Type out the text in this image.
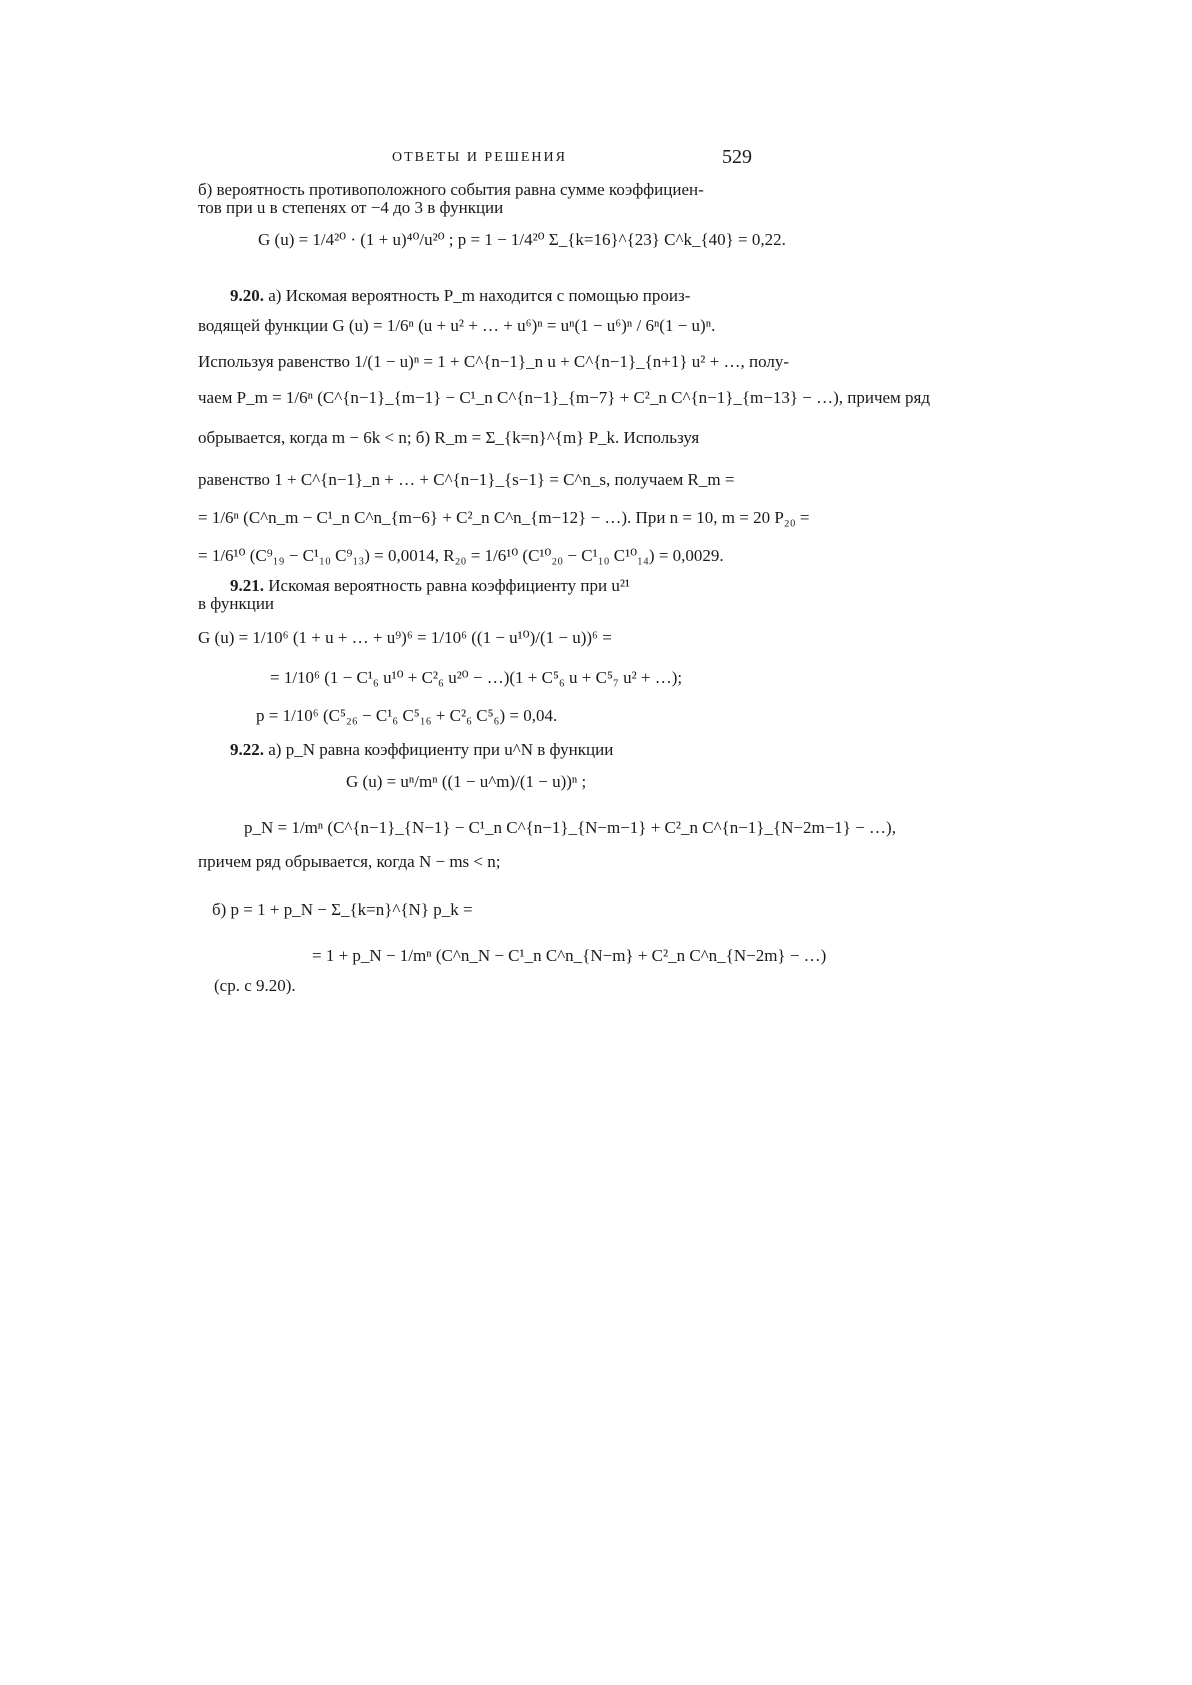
ОТВЕТЫ И РЕШЕНИЯ	529
б) вероятность противоположного события равна сумме коэффициен-
тов при u в степенях от −4 до 3 в функции
G (u) = 1/4²⁰ · (1 + u)⁴⁰/u²⁰ ; p = 1 − 1/4²⁰ Σ_{k=16}^{23} C^k_{40} = 0,22.
9.20. а) Искомая вероятность P_m находится с помощью произ-
водящей функции G (u) = 1/6ⁿ (u + u² + … + u⁶)ⁿ = uⁿ(1 − u⁶)ⁿ / 6ⁿ(1 − u)ⁿ.
Используя равенство 1/(1 − u)ⁿ = 1 + C^{n−1}_n u + C^{n−1}_{n+1} u² + …, полу-
чаем P_m = 1/6ⁿ (C^{n−1}_{m−1} − C¹_n C^{n−1}_{m−7} + C²_n C^{n−1}_{m−13} − …), причем ряд
обрывается, когда m − 6k < n; б) R_m = Σ_{k=n}^{m} P_k. Используя
равенство 1 + C^{n−1}_n + … + C^{n−1}_{s−1} = C^n_s, получаем R_m =
= 1/6ⁿ (C^n_m − C¹_n C^n_{m−6} + C²_n C^n_{m−12} − …). При n = 10, m = 20 P₂₀ =
= 1/6¹⁰ (C⁹₁₉ − C¹₁₀ C⁹₁₃) = 0,0014, R₂₀ = 1/6¹⁰ (C¹⁰₂₀ − C¹₁₀ C¹⁰₁₄) = 0,0029.
9.21. Искомая вероятность равна коэффициенту при u²¹
в функции
G (u) = 1/10⁶ (1 + u + … + u⁹)⁶ = 1/10⁶ ((1 − u¹⁰)/(1 − u))⁶ =
= 1/10⁶ (1 − C¹₆ u¹⁰ + C²₆ u²⁰ − …)(1 + C⁵₆ u + C⁵₇ u² + …);
p = 1/10⁶ (C⁵₂₆ − C¹₆ C⁵₁₆ + C²₆ C⁵₆) = 0,04.
9.22. а) p_N равна коэффициенту при u^N в функции
G (u) = uⁿ/mⁿ ((1 − u^m)/(1 − u))ⁿ ;
p_N = 1/mⁿ (C^{n−1}_{N−1} − C¹_n C^{n−1}_{N−m−1} + C²_n C^{n−1}_{N−2m−1} − …),
причем ряд обрывается, когда N − ms < n;
б) p = 1 + p_N − Σ_{k=n}^{N} p_k =
= 1 + p_N − 1/mⁿ (C^n_N − C¹_n C^n_{N−m} + C²_n C^n_{N−2m} − …)
(ср. с 9.20).
